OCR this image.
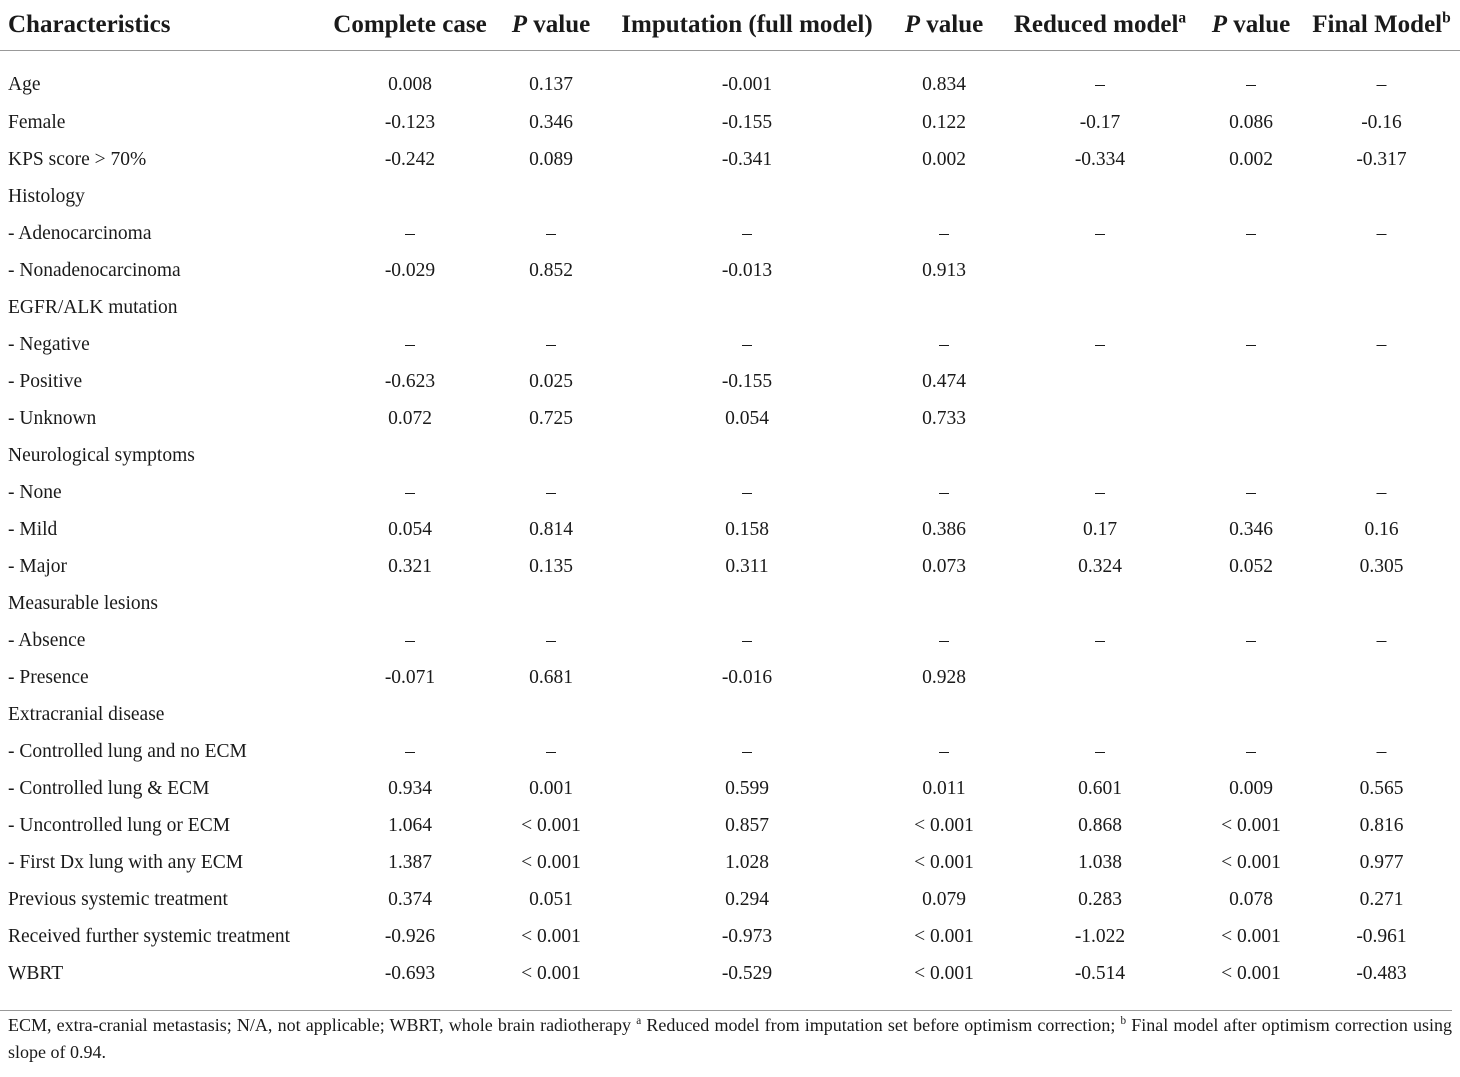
Characteristics	Complete case	P value	Imputation (full model)	P value	Reduced model$^a$	P value	Final Model$^b$
Age	0.008	0.137	-0.001	0.834	–	–	–
Female	-0.123	0.346	-0.155	0.122	-0.17	0.086	-0.16
KPS score > 70%	-0.242	0.089	-0.341	0.002	-0.334	0.002	-0.317
Histology							
- Adenocarcinoma	–	–	–	–	–	–	–
- Nonadenocarcinoma	-0.029	0.852	-0.013	0.913			
EGFR/ALK mutation							
- Negative	–	–	–	–	–	–	–
- Positive	-0.623	0.025	-0.155	0.474			
- Unknown	0.072	0.725	0.054	0.733			
Neurological symptoms							
- None	–	–	–	–	–	–	–
- Mild	0.054	0.814	0.158	0.386	0.17	0.346	0.16
- Major	0.321	0.135	0.311	0.073	0.324	0.052	0.305
Measurable lesions							
- Absence	–	–	–	–	–	–	–
- Presence	-0.071	0.681	-0.016	0.928			
Extracranial disease							
- Controlled lung and no ECM	–	–	–	–	–	–	–
- Controlled lung & ECM	0.934	0.001	0.599	0.011	0.601	0.009	0.565
- Uncontrolled lung or ECM	1.064	< 0.001	0.857	< 0.001	0.868	< 0.001	0.816
- First Dx lung with any ECM	1.387	< 0.001	1.028	< 0.001	1.038	< 0.001	0.977
Previous systemic treatment	0.374	0.051	0.294	0.079	0.283	0.078	0.271
Received further systemic treatment	-0.926	< 0.001	-0.973	< 0.001	-1.022	< 0.001	-0.961
WBRT	-0.693	< 0.001	-0.529	< 0.001	-0.514	< 0.001	-0.483
ECM, extra-cranial metastasis; N/A, not applicable; WBRT, whole brain radiotherapy $^a$ Reduced model from imputation set before optimism correction; $^b$ Final model after optimism correction using slope of 0.94.
